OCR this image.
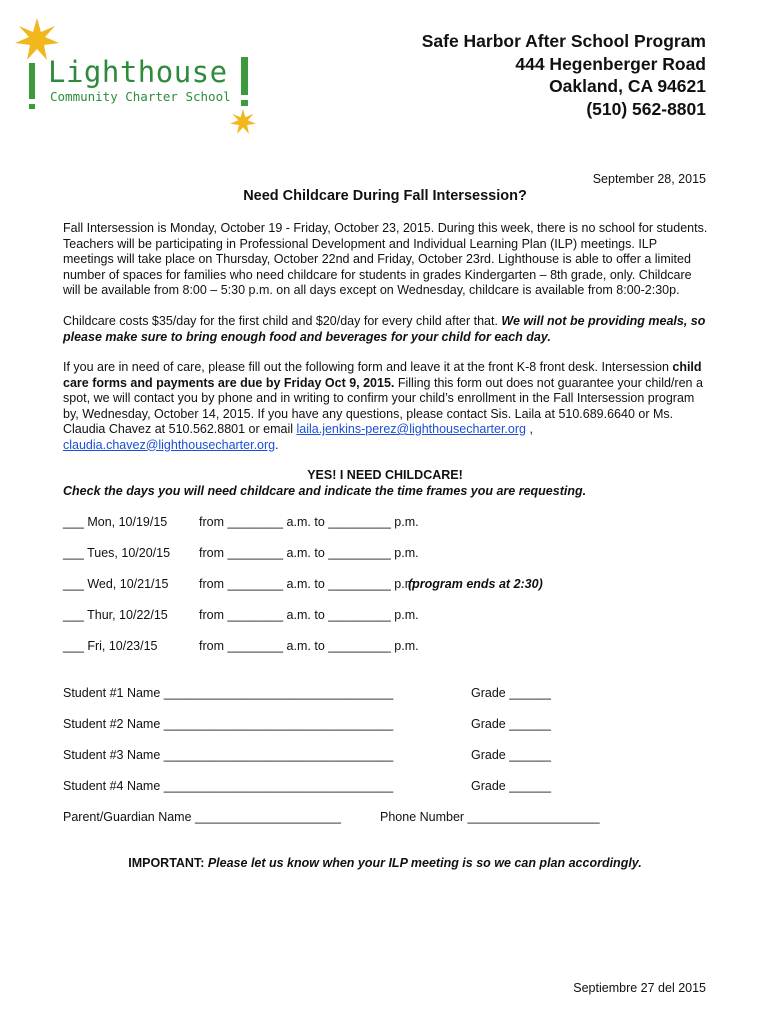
Lighthouse
Community Charter School
Safe Harbor After School Program
444 Hegenberger Road
Oakland, CA 94621
(510) 562-8801
September 28, 2015
Need Childcare During Fall Intersession?
Fall Intersession is Monday, October 19 - Friday, October 23, 2015. During this week, there is no school for students. Teachers will be participating in Professional Development and Individual Learning Plan (ILP) meetings. ILP meetings will take place on Thursday, October 22nd and Friday, October 23rd. Lighthouse is able to offer a limited number of spaces for families who need childcare for students in grades Kindergarten – 8th grade, only. Childcare will be available from 8:00 – 5:30 p.m. on all days except on Wednesday, childcare is available from 8:00-2:30p.
Childcare costs $35/day for the first child and $20/day for every child after that. We will not be providing meals, so please make sure to bring enough food and beverages for your child for each day.
If you are in need of care, please fill out the following form and leave it at the front K-8 front desk. Intersession child care forms and payments are due by Friday Oct 9, 2015. Filling this form out does not guarantee your child/ren a spot, we will contact you by phone and in writing to confirm your child’s enrollment in the Fall Intersession program by, Wednesday, October 14, 2015. If you have any questions, please contact Sis. Laila at 510.689.6640 or Ms. Claudia Chavez at 510.562.8801 or email laila.jenkins-perez@lighthousecharter.org , claudia.chavez@lighthousecharter.org.
YES! I NEED CHILDCARE!
Check the days you will need childcare and indicate the time frames you are requesting.
___ Mon, 10/19/15	from ________ a.m. to _________ p.m.
___ Tues, 10/20/15 from ________ a.m. to _________ p.m.
___ Wed, 10/21/15 from ________ a.m. to _________ p.m.
(program ends at 2:30)
___ Thur, 10/22/15	from ________ a.m. to _________ p.m.
___ Fri, 10/23/15	from ________ a.m. to _________ p.m.
Student #1 Name _________________________________	Grade ______
Student #2 Name _________________________________	Grade ______
Student #3 Name _________________________________	Grade ______
Student #4 Name _________________________________	Grade ______
Parent/Guardian Name _____________________	Phone Number ___________________
IMPORTANT: Please let us know when your ILP meeting is so we can plan accordingly.
Septiembre 27 del 2015
